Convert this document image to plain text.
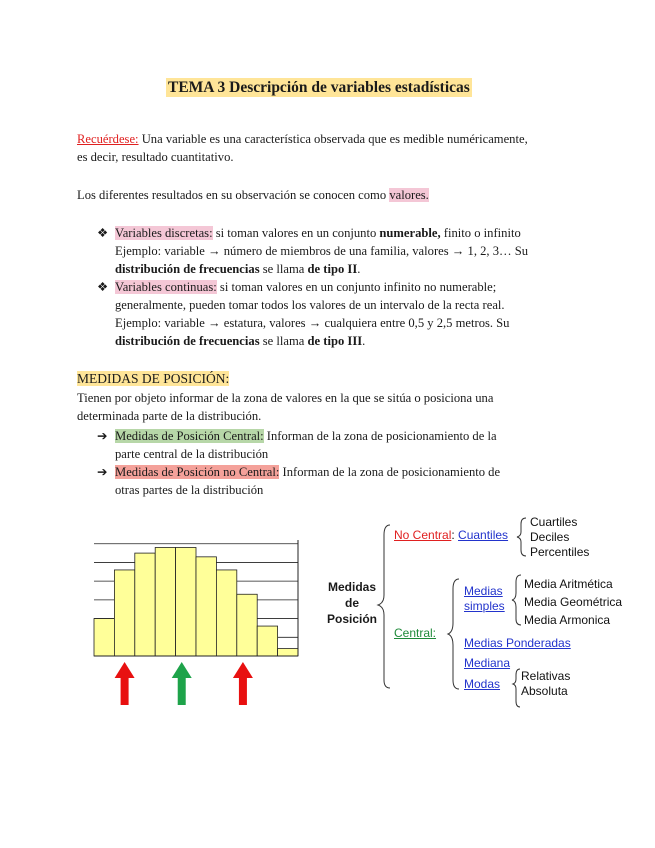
TEMA 3 Descripción de variables estadísticas
Recuérdese: Una variable es una característica observada que es medible numéricamente,
es decir, resultado cuantitativo.
Los diferentes resultados en su observación se conocen como valores.
❖ Variables discretas: si toman valores en un conjunto numerable, finito o infinito
Ejemplo: variable → número de miembros de una familia, valores → 1, 2, 3… Su
distribución de frecuencias se llama de tipo II.
❖ Variables continuas: si toman valores en un conjunto infinito no numerable;
generalmente, pueden tomar todos los valores de un intervalo de la recta real.
Ejemplo: variable → estatura, valores → cualquiera entre 0,5 y 2,5 metros. Su
distribución de frecuencias se llama de tipo III.
MEDIDAS DE POSICIÓN:
Tienen por objeto informar de la zona de valores en la que se sitúa o posiciona una
determinada parte de la distribución.
➔ Medidas de Posición Central: Informan de la zona de posicionamiento de la
parte central de la distribución
➔ Medidas de Posición no Central: Informan de la zona de posicionamiento de
otras partes de la distribución
Medidas
de
Posición
No Central: Cuantiles
Cuartiles
Deciles
Percentiles
Central:
Medias
simples
Media Aritmética
Media Geométrica
Media Armonica
Medias Ponderadas
Mediana
Modas
Relativas
Absoluta
